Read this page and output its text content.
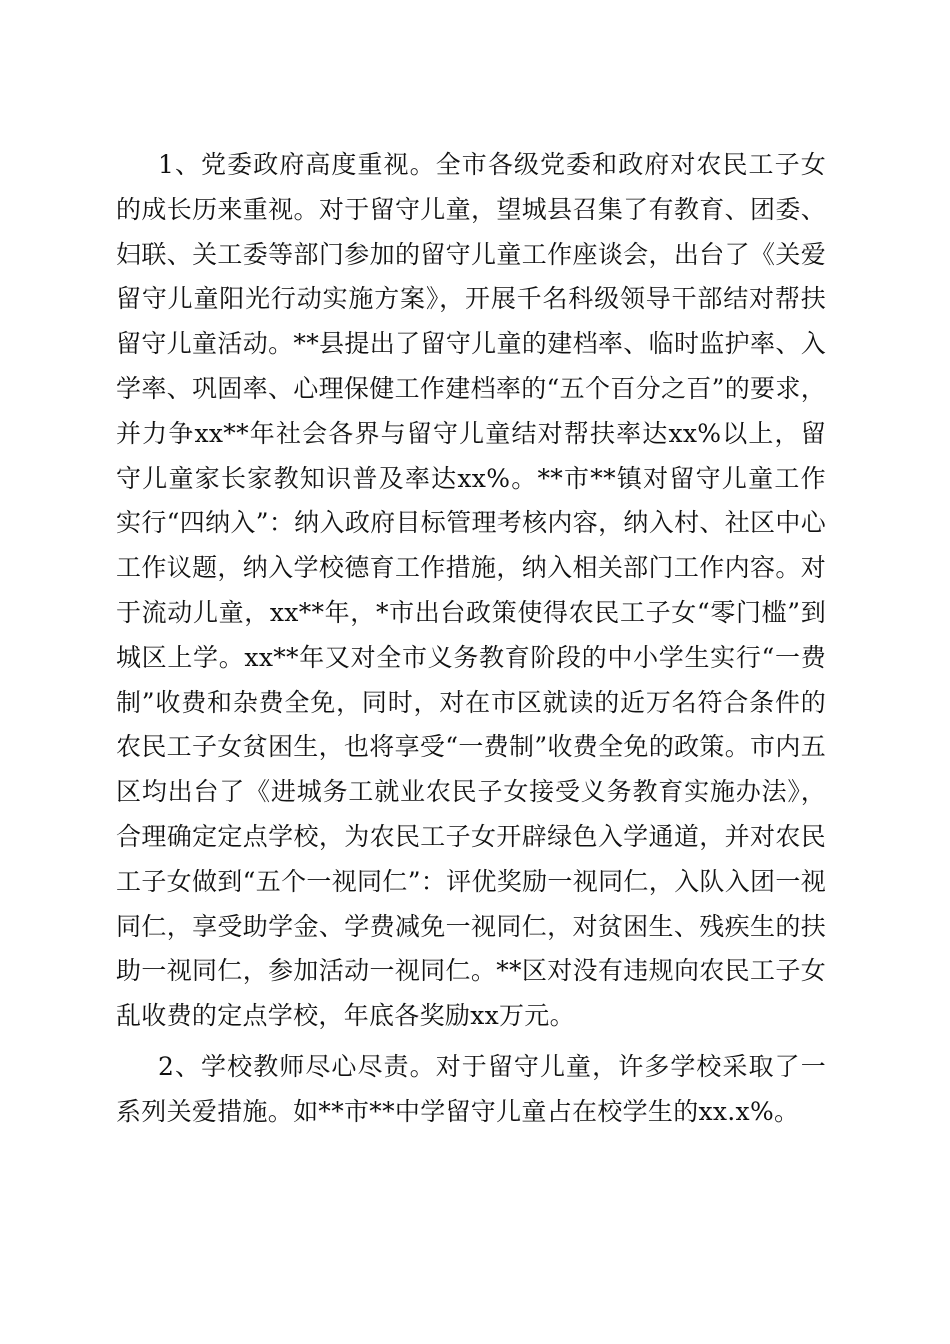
1、党委政府高度重视。全市各级党委和政府对农民工子女的成长历来重视。对于留守儿童，望城县召集了有教育、团委、妇联、关工委等部门参加的留守儿童工作座谈会，出台了《关爱留守儿童阳光行动实施方案》，开展千名科级领导干部结对帮扶留守儿童活动。**县提出了留守儿童的建档率、临时监护率、入学率、巩固率、心理保健工作建档率的“五个百分之百”的要求，并力争xx**年社会各界与留守儿童结对帮扶率达xx%以上，留守儿童家长家教知识普及率达xx%。**市**镇对留守儿童工作实行“四纳入”：纳入政府目标管理考核内容，纳入村、社区中心工作议题，纳入学校德育工作措施，纳入相关部门工作内容。对于流动儿童，xx**年，*市出台政策使得农民工子女“零门槛”到城区上学。xx**年又对全市义务教育阶段的中小学生实行“一费制”收费和杂费全免，同时，对在市区就读的近万名符合条件的农民工子女贫困生，也将享受“一费制”收费全免的政策。市内五区均出台了《进城务工就业农民子女接受义务教育实施办法》，合理确定定点学校，为农民工子女开辟绿色入学通道，并对农民工子女做到“五个一视同仁”：评优奖励一视同仁，入队入团一视同仁，享受助学金、学费减免一视同仁，对贫困生、残疾生的扶助一视同仁，参加活动一视同仁。**区对没有违规向农民工子女乱收费的定点学校，年底各奖励xx万元。

2、学校教师尽心尽责。对于留守儿童，许多学校采取了一系列关爱措施。如**市**中学留守儿童占在校学生的xx.x%。
